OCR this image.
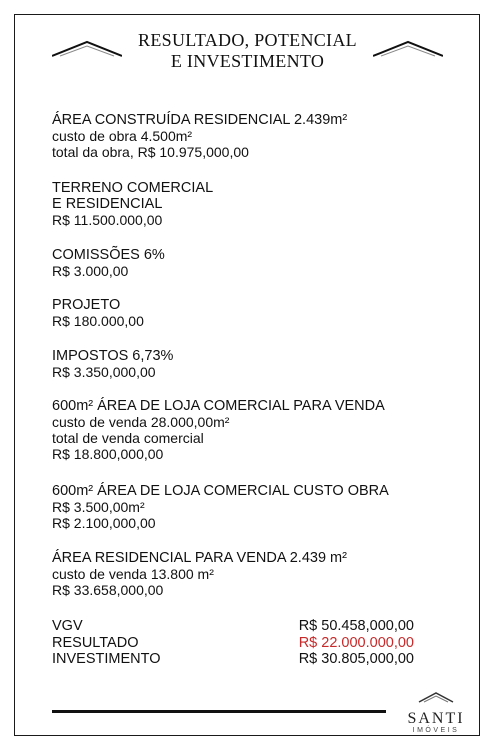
RESULTADO, POTENCIAL
E INVESTIMENTO
ÁREA CONSTRUÍDA RESIDENCIAL 2.439m²
custo de obra 4.500m²
total da obra, R$ 10.975,000,00
TERRENO COMERCIAL
E RESIDENCIAL
R$ 11.500.000,00
COMISSÕES 6%
R$ 3.000,00
PROJETO
R$ 180.000,00
IMPOSTOS 6,73%
R$ 3.350,000,00
600m² ÁREA DE LOJA COMERCIAL PARA VENDA
custo de venda 28.000,00m²
total de venda comercial
R$ 18.800,000,00
600m² ÁREA DE LOJA COMERCIAL CUSTO OBRA
R$ 3.500,00m²
R$ 2.100,000,00
ÁREA RESIDENCIAL PARA VENDA 2.439 m²
custo de venda 13.800 m²
R$ 33.658,000,00
VGV	R$ 50.458,000,00
RESULTADO	R$ 22.000.000,00
INVESTIMENTO	R$ 30.805,000,00
SANTI
IMÓVEIS
